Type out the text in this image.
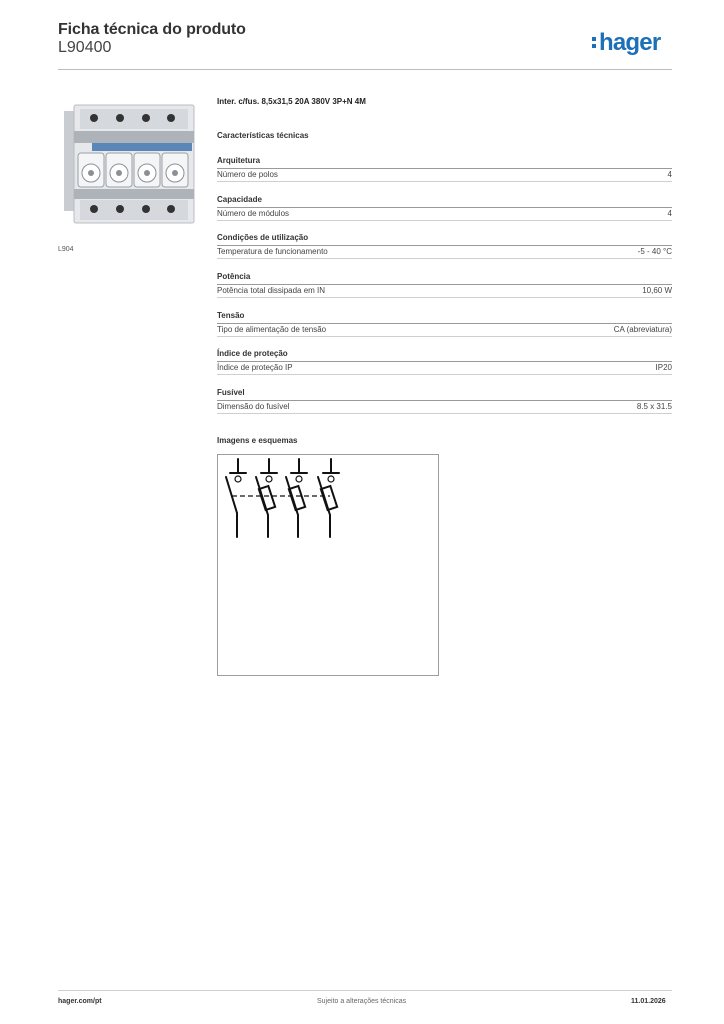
Ficha técnica do produto
L90400	hager
L904
Inter. c/fus. 8,5x31,5 20A 380V 3P+N 4M
Características técnicas
Arquitetura
Número de polos	4
Capacidade
Número de módulos	4
Condições de utilização
Temperatura de funcionamento	-5 - 40 °C
Potência
Potência total dissipada em IN	10,60 W
Tensão
Tipo de alimentação de tensão	CA (abreviatura)
Índice de proteção
Índice de proteção IP	IP20
Fusível
Dimensão do fusível	8.5 x 31.5
Imagens e esquemas
hager.com/pt	Sujeito a alterações técnicas	11.01.2026
